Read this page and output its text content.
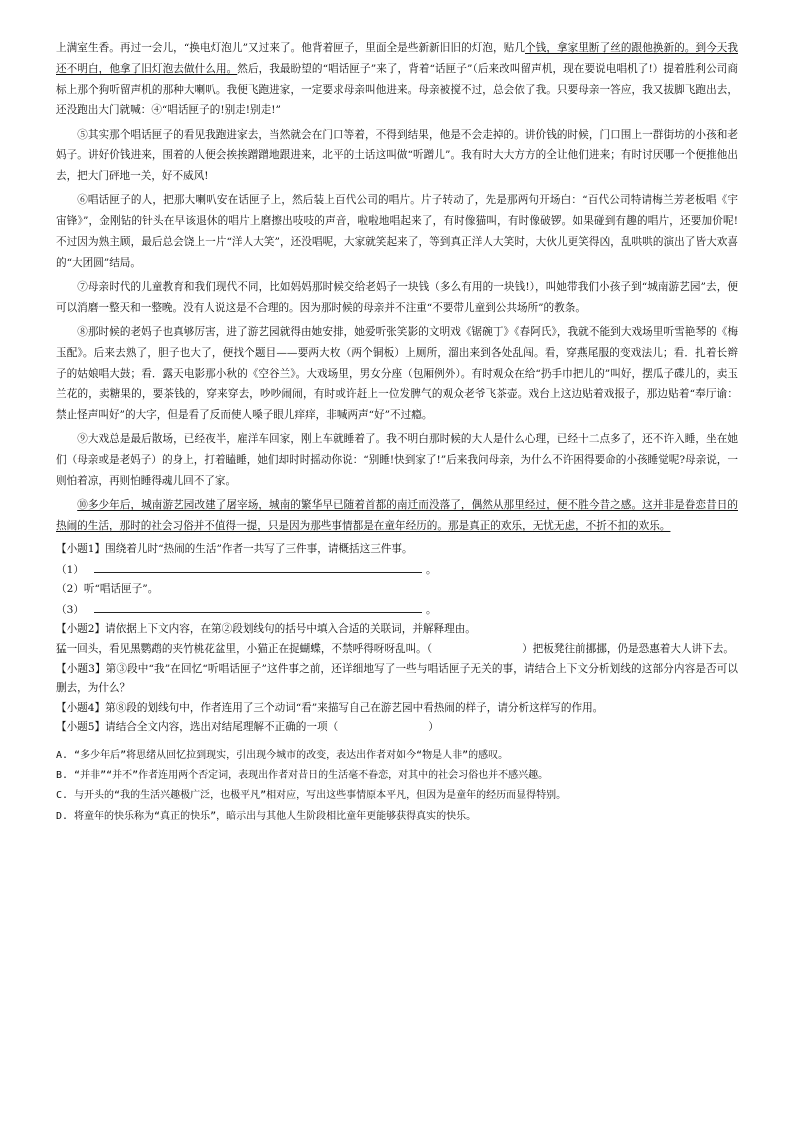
上满室生香。再过一会儿，“换电灯泡儿”又过来了。他背着匣子，里面全是些新新旧旧的灯泡，贴几个钱，拿家里断了丝的跟他换新的。到今天我还不明白，他拿了旧灯泡去做什么用。然后，我最盼望的“唱话匣子”来了，背着“话匣子”（后来改叫留声机，现在要说电唱机了!）提着胜利公司商标上那个狗听留声机的那种大喇叭。我便飞跑进家，一定要求母亲叫他进来。母亲被搅不过，总会依了我。只要母亲一答应，我又拔脚飞跑出去，还没跑出大门就喊：④“唱话匣子的!别走!别走!”

⑤其实那个唱话匣子的看见我跑进家去，当然就会在门口等着，不得到结果，他是不会走掉的。讲价钱的时候，门口围上一群街坊的小孩和老妈子。讲好价钱进来，围着的人便会挨挨蹭蹭地跟进来，北平的土话这叫做“听蹭儿”。我有时大大方方的全让他们进来；有时讨厌哪一个便推他出去，把大门砰地一关，好不威风!

⑥唱话匣子的人，把那大喇叭安在话匣子上，然后装上百代公司的唱片。片子转动了，先是那两句开场白：“百代公司特请梅兰芳老板唱《宇宙锋》”，金刚钻的针头在早该退休的唱片上磨擦出吱吱的声音，啦啦地唱起来了，有时像猫叫，有时像破锣。如果碰到有趣的唱片，还要加价呢!不过因为熟主顾，最后总会饶上一片“洋人大笑”，还没唱呢，大家就笑起来了，等到真正洋人大笑时，大伙儿更笑得凶，乱哄哄的演出了皆大欢喜的“大团圆”结局。

⑦母亲时代的儿童教育和我们现代不同，比如妈妈那时候交给老妈子一块钱（多么有用的一块钱!），叫她带我们小孩子到“城南游艺园”去，便可以消磨一整天和一整晚。没有人说这是不合理的。因为那时候的母亲并不注重“不要带儿童到公共场所”的教条。

⑧那时候的老妈子也真够厉害，进了游艺园就得由她安排，她爱听张笑影的文明戏《锯碗丁》《春阿氏》，我就不能到大戏场里听雪艳琴的《梅玉配》。后来去熟了，胆子也大了，便找个题目——要两大枚（两个铜板）上厕所，溜出来到各处乱闯。看，穿燕尾服的变戏法儿；看．扎着长辫子的姑娘唱大鼓；看．露天电影那小秋的《空谷兰》。大戏场里，男女分座（包厢例外）。有时观众在给“扔手巾把儿的”叫好，摆瓜子碟儿的，卖玉兰花的，卖糖果的，要茶钱的，穿来穿去，吵吵闹闹，有时或许赶上一位发脾气的观众老爷飞茶壶。戏台上这边贴着戏报子，那边贴着“奉厅谕：禁止怪声叫好”的大字，但是看了反而使人嗓子眼儿痒痒，非喊两声“好”不过瘾。

⑨大戏总是最后散场，已经夜半，雇洋车回家，刚上车就睡着了。我不明白那时候的大人是什么心理，已经十二点多了，还不许入睡，坐在她们（母亲或是老妈子）的身上，打着瞌睡，她们却时时摇动你说：“别睡!快到家了!”后来我问母亲，为什么不许困得要命的小孩睡觉呢?母亲说，一则怕着凉，再则怕睡得魂儿回不了家。

⑩多少年后，城南游艺园改建了屠宰场，城南的繁华早已随着首都的南迁而没落了，偶然从那里经过，便不胜今昔之感。这并非是眷恋昔日的热闹的生活，那时的社会习俗并不值得一提，只是因为那些事情都是在童年经历的。那是真正的欢乐，无忧无虑，不折不扣的欢乐。

【小题1】围绕着儿时“热闹的生活”作者一共写了三件事，请概括这三件事。

（1）	。

（2）听“唱话匣子”。

（3）	。

【小题2】请依据上下文内容，在第②段划线句的括号中填入合适的关联词，并解释理由。

猛一回头，看见黑鹦鹉的夹竹桃花盆里，小猫正在捉蝴蝶，不禁呼得呀呀乱叫。（	）把板凳往前挪挪，仍是恐惠着大人讲下去。

【小题3】第③段中“我”在回忆“听唱话匣子”这件事之前，还详细地写了一些与唱话匣子无关的事，请结合上下文分析划线的这部分内容是否可以删去，为什么？

【小题4】第⑧段的划线句中，作者连用了三个动词“看”来描写自己在游艺园中看热闹的样子，请分析这样写的作用。

【小题5】请结合全文内容，选出对结尾理解不正确的一项（	）

A. “多少年后”将思绪从回忆拉到现实，引出现今城市的改变，表达出作者对如今“物是人非”的感叹。

B. “并非”“并不”作者连用两个否定词，表现出作者对昔日的生活毫不眷恋，对其中的社会习俗也并不感兴趣。

C. 与开头的“我的生活兴趣极广泛，也极平凡”相对应，写出这些事情原本平凡，但因为是童年的经历而显得特别。

D. 将童年的快乐称为“真正的快乐”，暗示出与其他人生阶段相比童年更能够获得真实的快乐。
